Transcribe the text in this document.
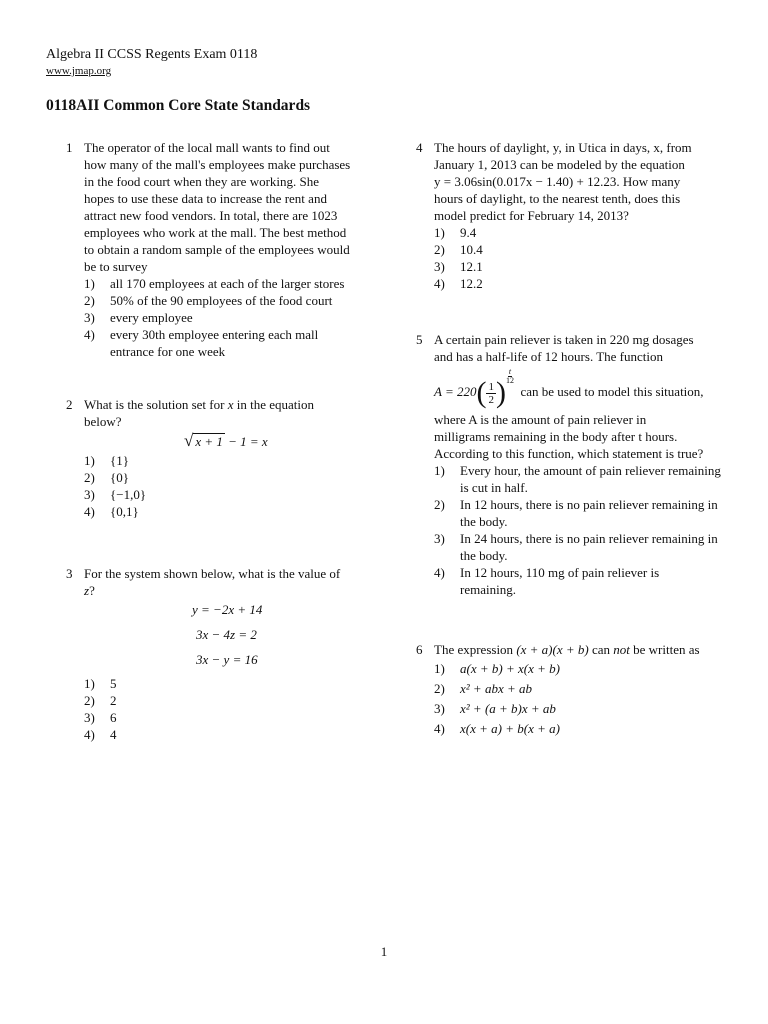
Algebra II CCSS Regents Exam 0118
www.jmap.org
0118AII Common Core State Standards
1 The operator of the local mall wants to find out

how many of the mall's employees make purchases

in the food court when they are working. She

hopes to use these data to increase the rent and

attract new food vendors. In total, there are 1023

employees who work at the mall. The best method

to obtain a random sample of the employees would

be to survey

1)	all 170 employees at each of the larger stores
2)	50% of the 90 employees of the food court
3)	every employee
4)	every 30th employee entering each mall entrance for one week
2 What is the solution set for x in the equation

below?

√ x + 1 − 1 = x
1)	{1}
2)	{0}
3)	{−1,0}
4)	{0,1}
3 For the system shown below, what is the value of

z?

y = −2x + 14
3x − 4z = 2
3x − y = 16
1)	5
2)	2
3)	6
4)	4
4 The hours of daylight, y, in Utica in days, x, from

January 1, 2013 can be modeled by the equation

y = 3.06sin(0.017x − 1.40) + 12.23. How many

hours of daylight, to the nearest tenth, does this

model predict for February 14, 2013?

1)	9.4
2)	10.4
3)	12.1
4)	12.2
5 A certain pain reliever is taken in 220 mg dosages

and has a half-life of 12 hours. The function

$A = 220( \frac{1}{2}$ ) $\frac{t}{12}$
can be used to model this situation,

where A is the amount of pain reliever in

milligrams remaining in the body after t hours.

According to this function, which statement is true?

1)	Every hour, the amount of pain reliever remaining is cut in half.
2)	In 12 hours, there is no pain reliever remaining in the body.
3)	In 24 hours, there is no pain reliever remaining in the body.
4)	In 12 hours, 110 mg of pain reliever is remaining.
6 The expression (x + a)(x + b) can not be written as

1)	a(x + b) + x(x + b)
2)	x² + abx + ab
3)	x² + (a + b)x + ab
4)	x(x + a) + b(x + a)
1
